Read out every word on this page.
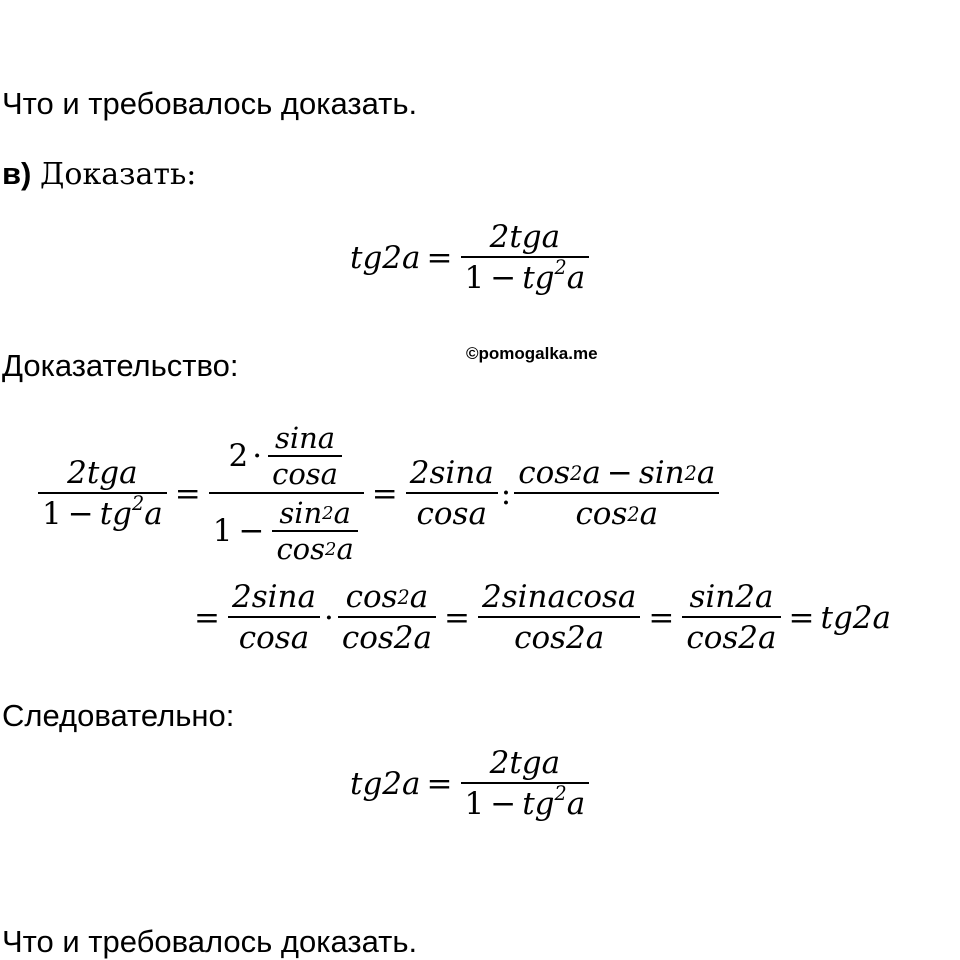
Что и требовалось доказать.
в) Доказать:
$tg2a = \frac{\text{2tga}}{1 - tg^2a}$
Доказательство:	©pomogalka.me
$\frac{\text{2tga}}{1 - tg^2a} = \frac{2 \cdot \frac{\sin a}{\cos a}}{1 - \frac{\sin 2 a}{\cos 2 a}} = \frac{2\sin a}{\cos a}$ : $\frac{\cos 2 a - \sin 2 a}{\cos 2 a}$
= $\frac{2\sin a}{\cos a} \cdot \frac{\cos 2 a}{\cos 2a} = \frac{\text{2sinacosa}}{\cos 2a} = \frac{\sin 2a}{\cos 2a} = tg2a$
Следовательно:
$tg2a = \frac{\text{2tga}}{1 - tg^2a}$
Что и требовалось доказать.
